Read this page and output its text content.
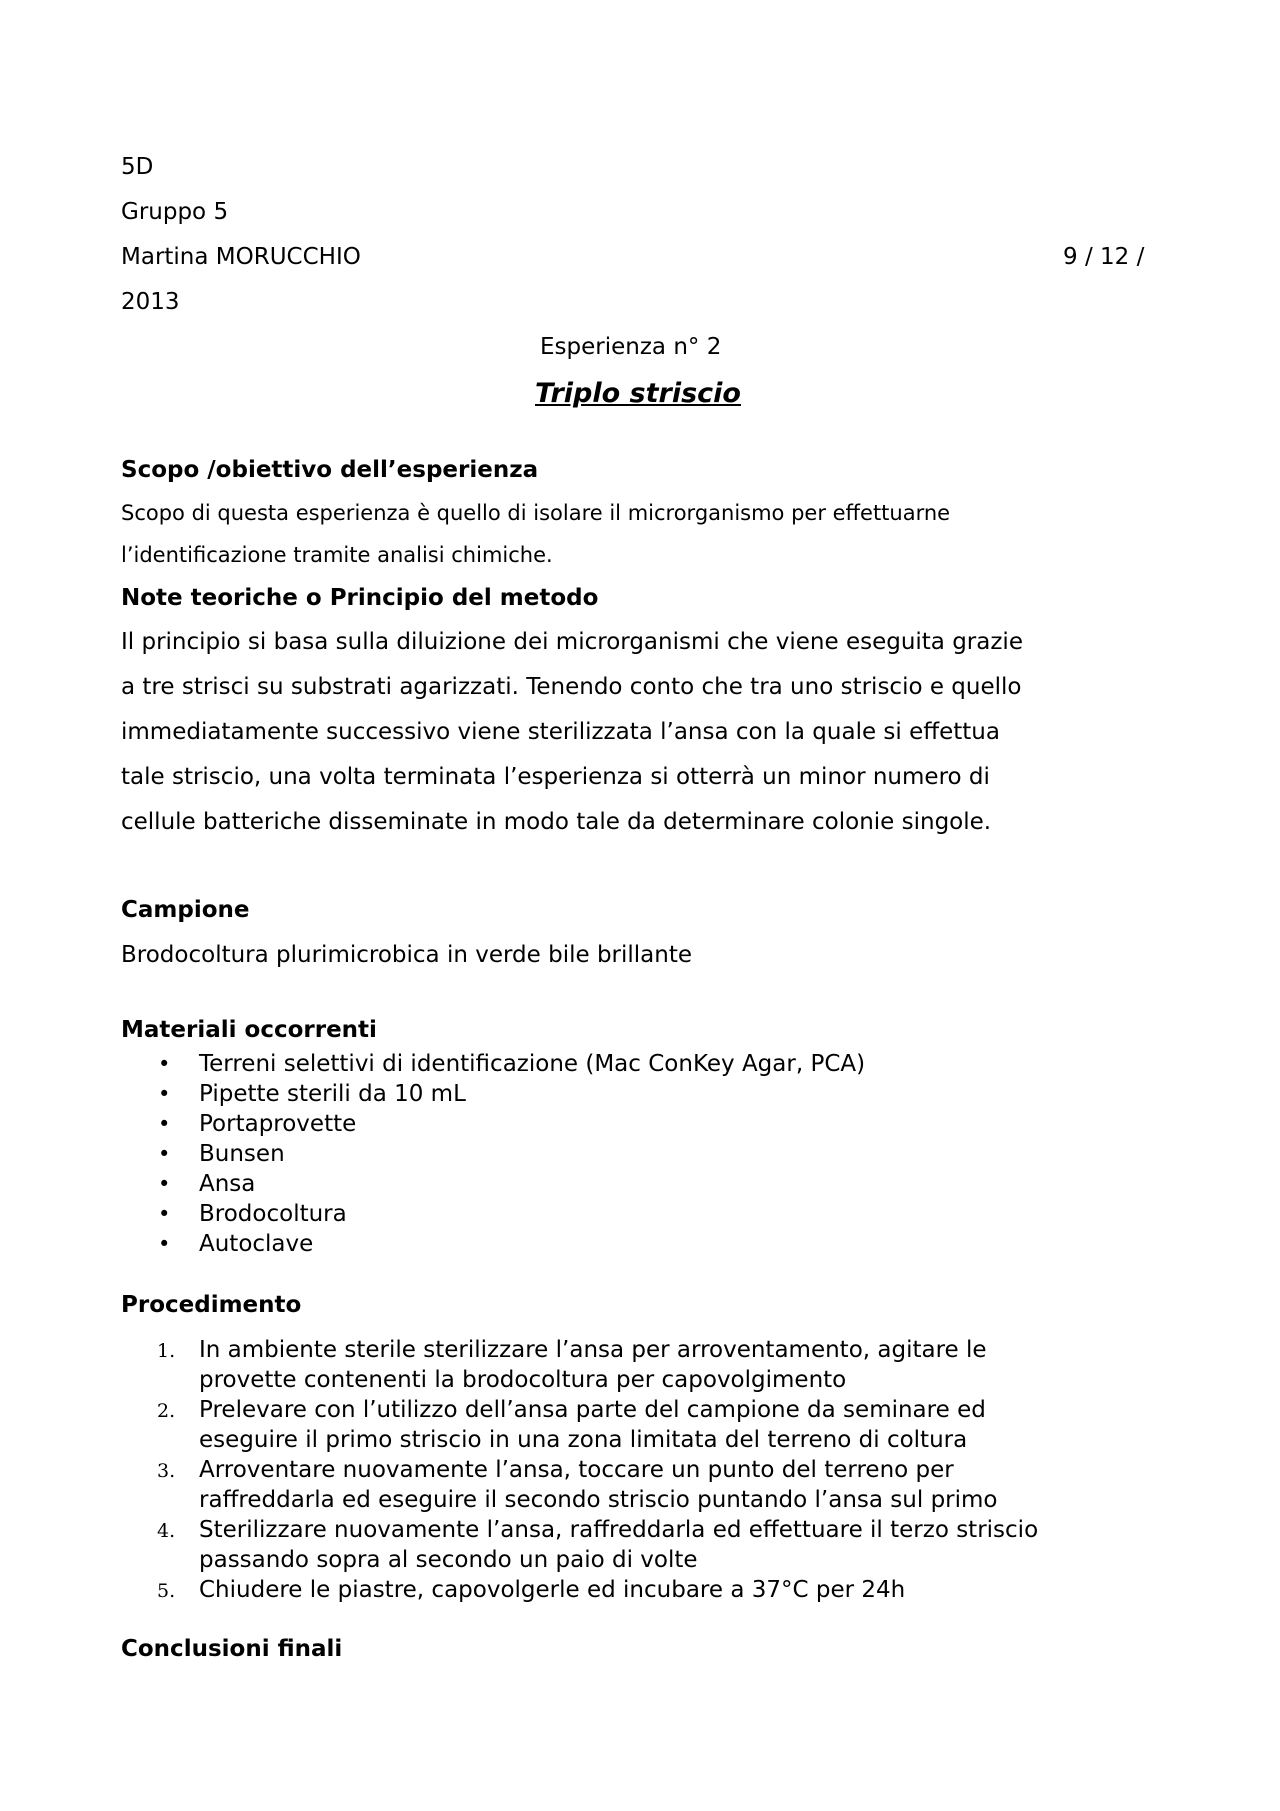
5D
Gruppo 5
Martina MORUCCHIO	9 / 12 /
2013
Esperienza n° 2
Triplo striscio
Scopo /obiettivo dell’esperienza
Scopo di questa esperienza è quello di isolare il microrganismo per effettuarne
l’identificazione tramite analisi chimiche.
Note teoriche o Principio del metodo
Il principio si basa sulla diluizione dei microrganismi che viene eseguita grazie
a tre strisci su substrati agarizzati. Tenendo conto che tra uno striscio e quello
immediatamente successivo viene sterilizzata l’ansa con la quale si effettua
tale striscio, una volta terminata l’esperienza si otterrà un minor numero di
cellule batteriche disseminate in modo tale da determinare colonie singole.
Campione
Brodocoltura plurimicrobica in verde bile brillante
Materiali occorrenti
• Terreni selettivi di identificazione (Mac ConKey Agar, PCA)
• Pipette sterili da 10 mL
• Portaprovette
• Bunsen
• Ansa
• Brodocoltura
• Autoclave
Procedimento
1. In ambiente sterile sterilizzare l’ansa per arroventamento, agitare le
provette contenenti la brodocoltura per capovolgimento
2. Prelevare con l’utilizzo dell’ansa parte del campione da seminare ed
eseguire il primo striscio in una zona limitata del terreno di coltura
3. Arroventare nuovamente l’ansa, toccare un punto del terreno per
raffreddarla ed eseguire il secondo striscio puntando l’ansa sul primo
4. Sterilizzare nuovamente l’ansa, raffreddarla ed effettuare il terzo striscio
passando sopra al secondo un paio di volte
5. Chiudere le piastre, capovolgerle ed incubare a 37°C per 24h
Conclusioni finali
